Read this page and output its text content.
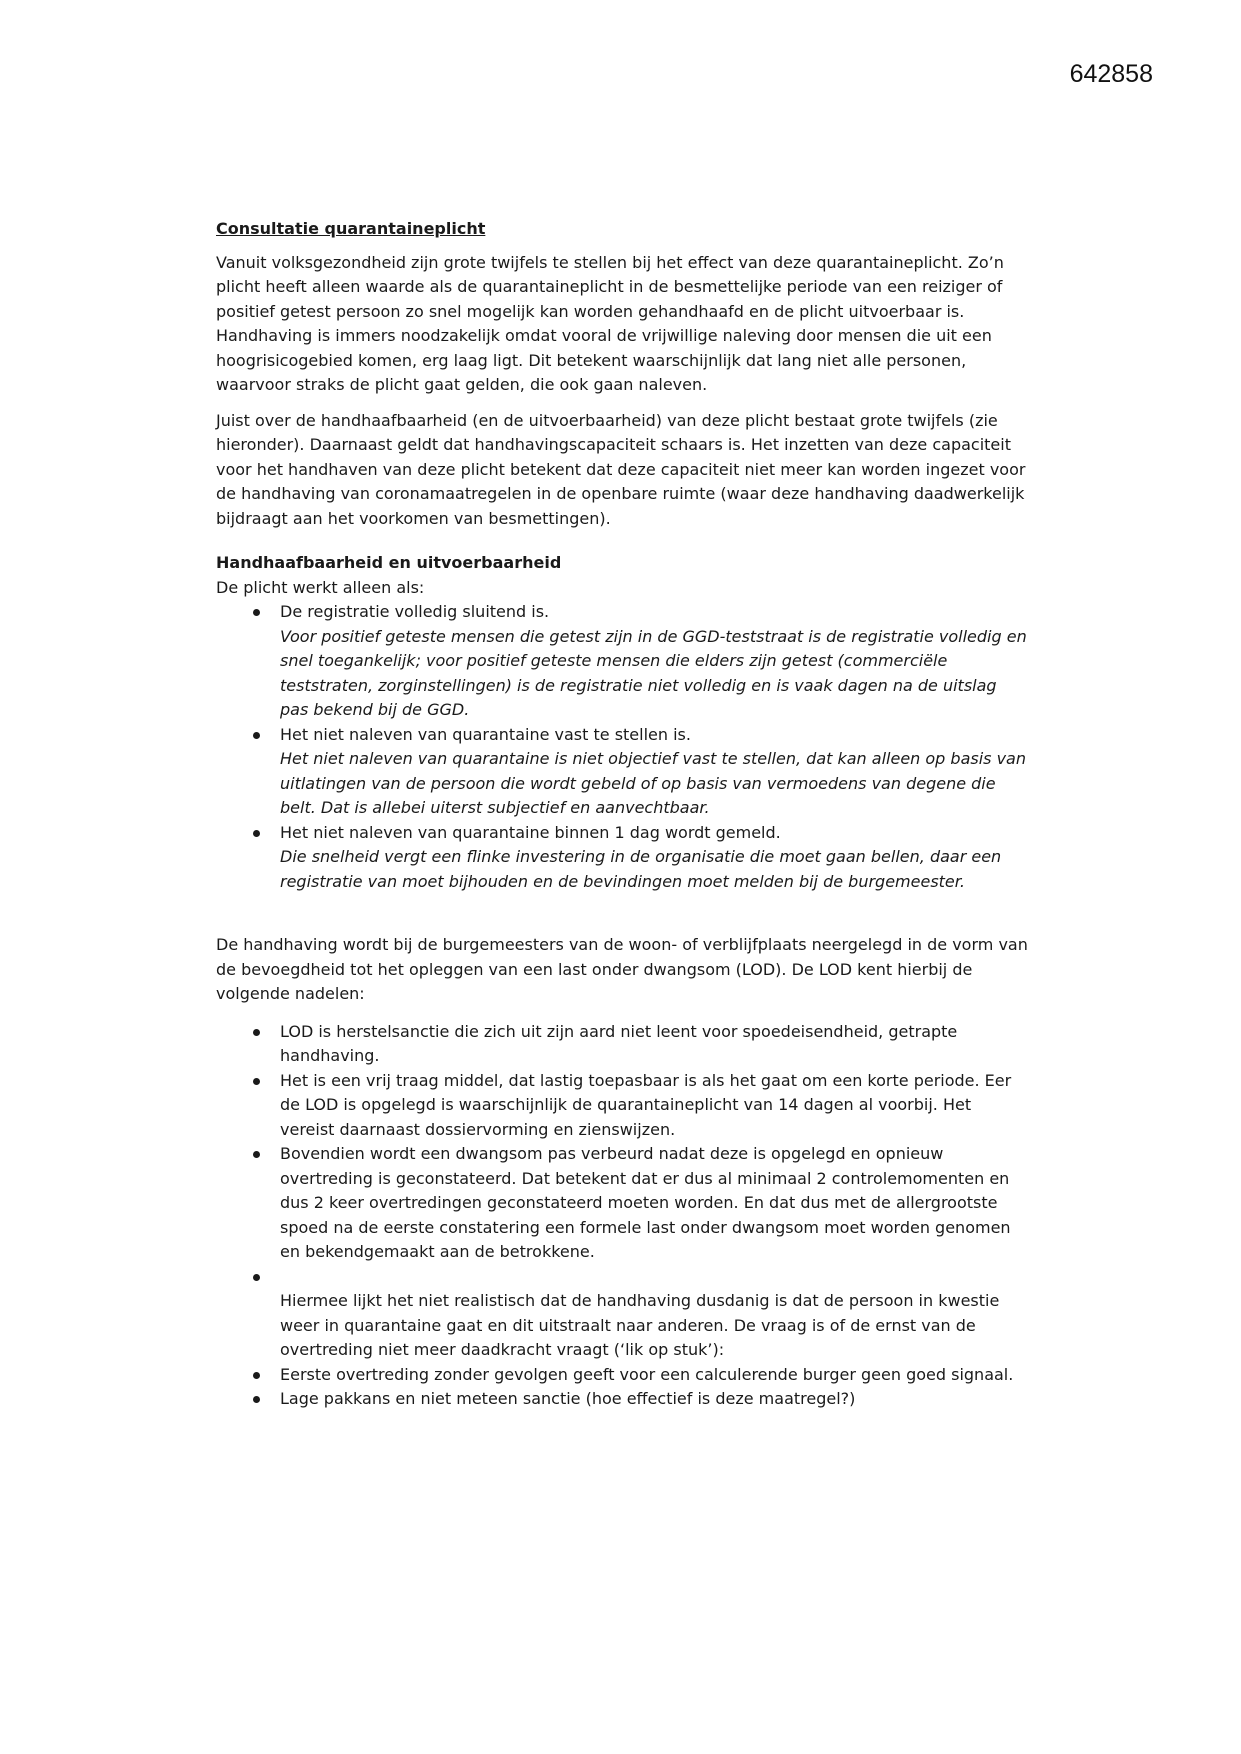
642858

Consultatie quarantaineplicht

Vanuit volksgezondheid zijn grote twijfels te stellen bij het effect van deze quarantaineplicht. Zo’n plicht heeft alleen waarde als de quarantaineplicht in de besmettelijke periode van een reiziger of positief getest persoon zo snel mogelijk kan worden gehandhaafd en de plicht uitvoerbaar is. Handhaving is immers noodzakelijk omdat vooral de vrijwillige naleving door mensen die uit een hoogrisicogebied komen, erg laag ligt. Dit betekent waarschijnlijk dat lang niet alle personen, waarvoor straks de plicht gaat gelden, die ook gaan naleven.

Juist over de handhaafbaarheid (en de uitvoerbaarheid) van deze plicht bestaat grote twijfels (zie hieronder). Daarnaast geldt dat handhavingscapaciteit schaars is. Het inzetten van deze capaciteit voor het handhaven van deze plicht betekent dat deze capaciteit niet meer kan worden ingezet voor de handhaving van coronamaatregelen in de openbare ruimte (waar deze handhaving daadwerkelijk bijdraagt aan het voorkomen van besmettingen).

Handhaafbaarheid en uitvoerbaarheid

De plicht werkt alleen als:

De registratie volledig sluitend is.
Voor positief geteste mensen die getest zijn in de GGD-teststraat is de registratie volledig en snel toegankelijk; voor positief geteste mensen die elders zijn getest (commerciële teststraten, zorginstellingen) is de registratie niet volledig en is vaak dagen na de uitslag pas bekend bij de GGD.
Het niet naleven van quarantaine vast te stellen is.
Het niet naleven van quarantaine is niet objectief vast te stellen, dat kan alleen op basis van uitlatingen van de persoon die wordt gebeld of op basis van vermoedens van degene die belt. Dat is allebei uiterst subjectief en aanvechtbaar.
Het niet naleven van quarantaine binnen 1 dag wordt gemeld.
Die snelheid vergt een flinke investering in de organisatie die moet gaan bellen, daar een registratie van moet bijhouden en de bevindingen moet melden bij de burgemeester.

De handhaving wordt bij de burgemeesters van de woon- of verblijfplaats neergelegd in de vorm van de bevoegdheid tot het opleggen van een last onder dwangsom (LOD). De LOD kent hierbij de volgende nadelen:

LOD is herstelsanctie die zich uit zijn aard niet leent voor spoedeisendheid, getrapte handhaving.
Het is een vrij traag middel, dat lastig toepasbaar is als het gaat om een korte periode. Eer de LOD is opgelegd is waarschijnlijk de quarantaineplicht van 14 dagen al voorbij. Het vereist daarnaast dossiervorming en zienswijzen.
Bovendien wordt een dwangsom pas verbeurd nadat deze is opgelegd en opnieuw overtreding is geconstateerd. Dat betekent dat er dus al minimaal 2 controlemomenten en dus 2 keer overtredingen geconstateerd moeten worden. En dat dus met de allergrootste spoed na de eerste constatering een formele last onder dwangsom moet worden genomen en bekendgemaakt aan de betrokkene.
Hiermee lijkt het niet realistisch dat de handhaving dusdanig is dat de persoon in kwestie weer in quarantaine gaat en dit uitstraalt naar anderen. De vraag is of de ernst van de overtreding niet meer daadkracht vraagt (‘lik op stuk’):
Eerste overtreding zonder gevolgen geeft voor een calculerende burger geen goed signaal.
Lage pakkans en niet meteen sanctie (hoe effectief is deze maatregel?)
